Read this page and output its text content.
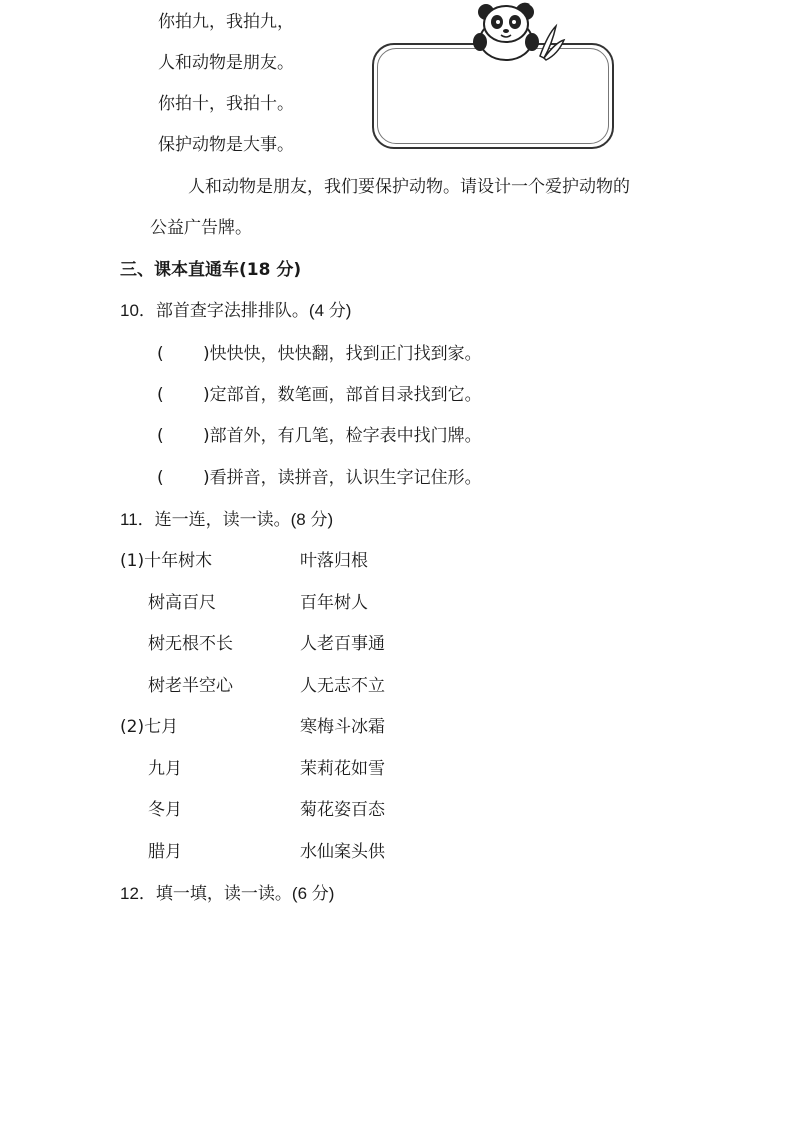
你拍九，我拍九，
人和动物是朋友。
你拍十，我拍十。
保护动物是大事。
人和动物是朋友，我们要保护动物。请设计一个爱护动物的
公益广告牌。
三、课本直通车(18 分)
10．部首查字法排排队。(4 分)
( )快快快，快快翻，找到正门找到家。
( )定部首，数笔画，部首目录找到它。
( )部首外，有几笔，检字表中找门牌。
( )看拼音，读拼音，认识生字记住形。
11．连一连，读一读。(8 分)
(1)十年树木	叶落归根
树高百尺	百年树人
树无根不长	人老百事通
树老半空心	人无志不立
(2)七月	寒梅斗冰霜
九月	茉莉花如雪
冬月	菊花姿百态
腊月	水仙案头供
12．填一填，读一读。(6 分)
